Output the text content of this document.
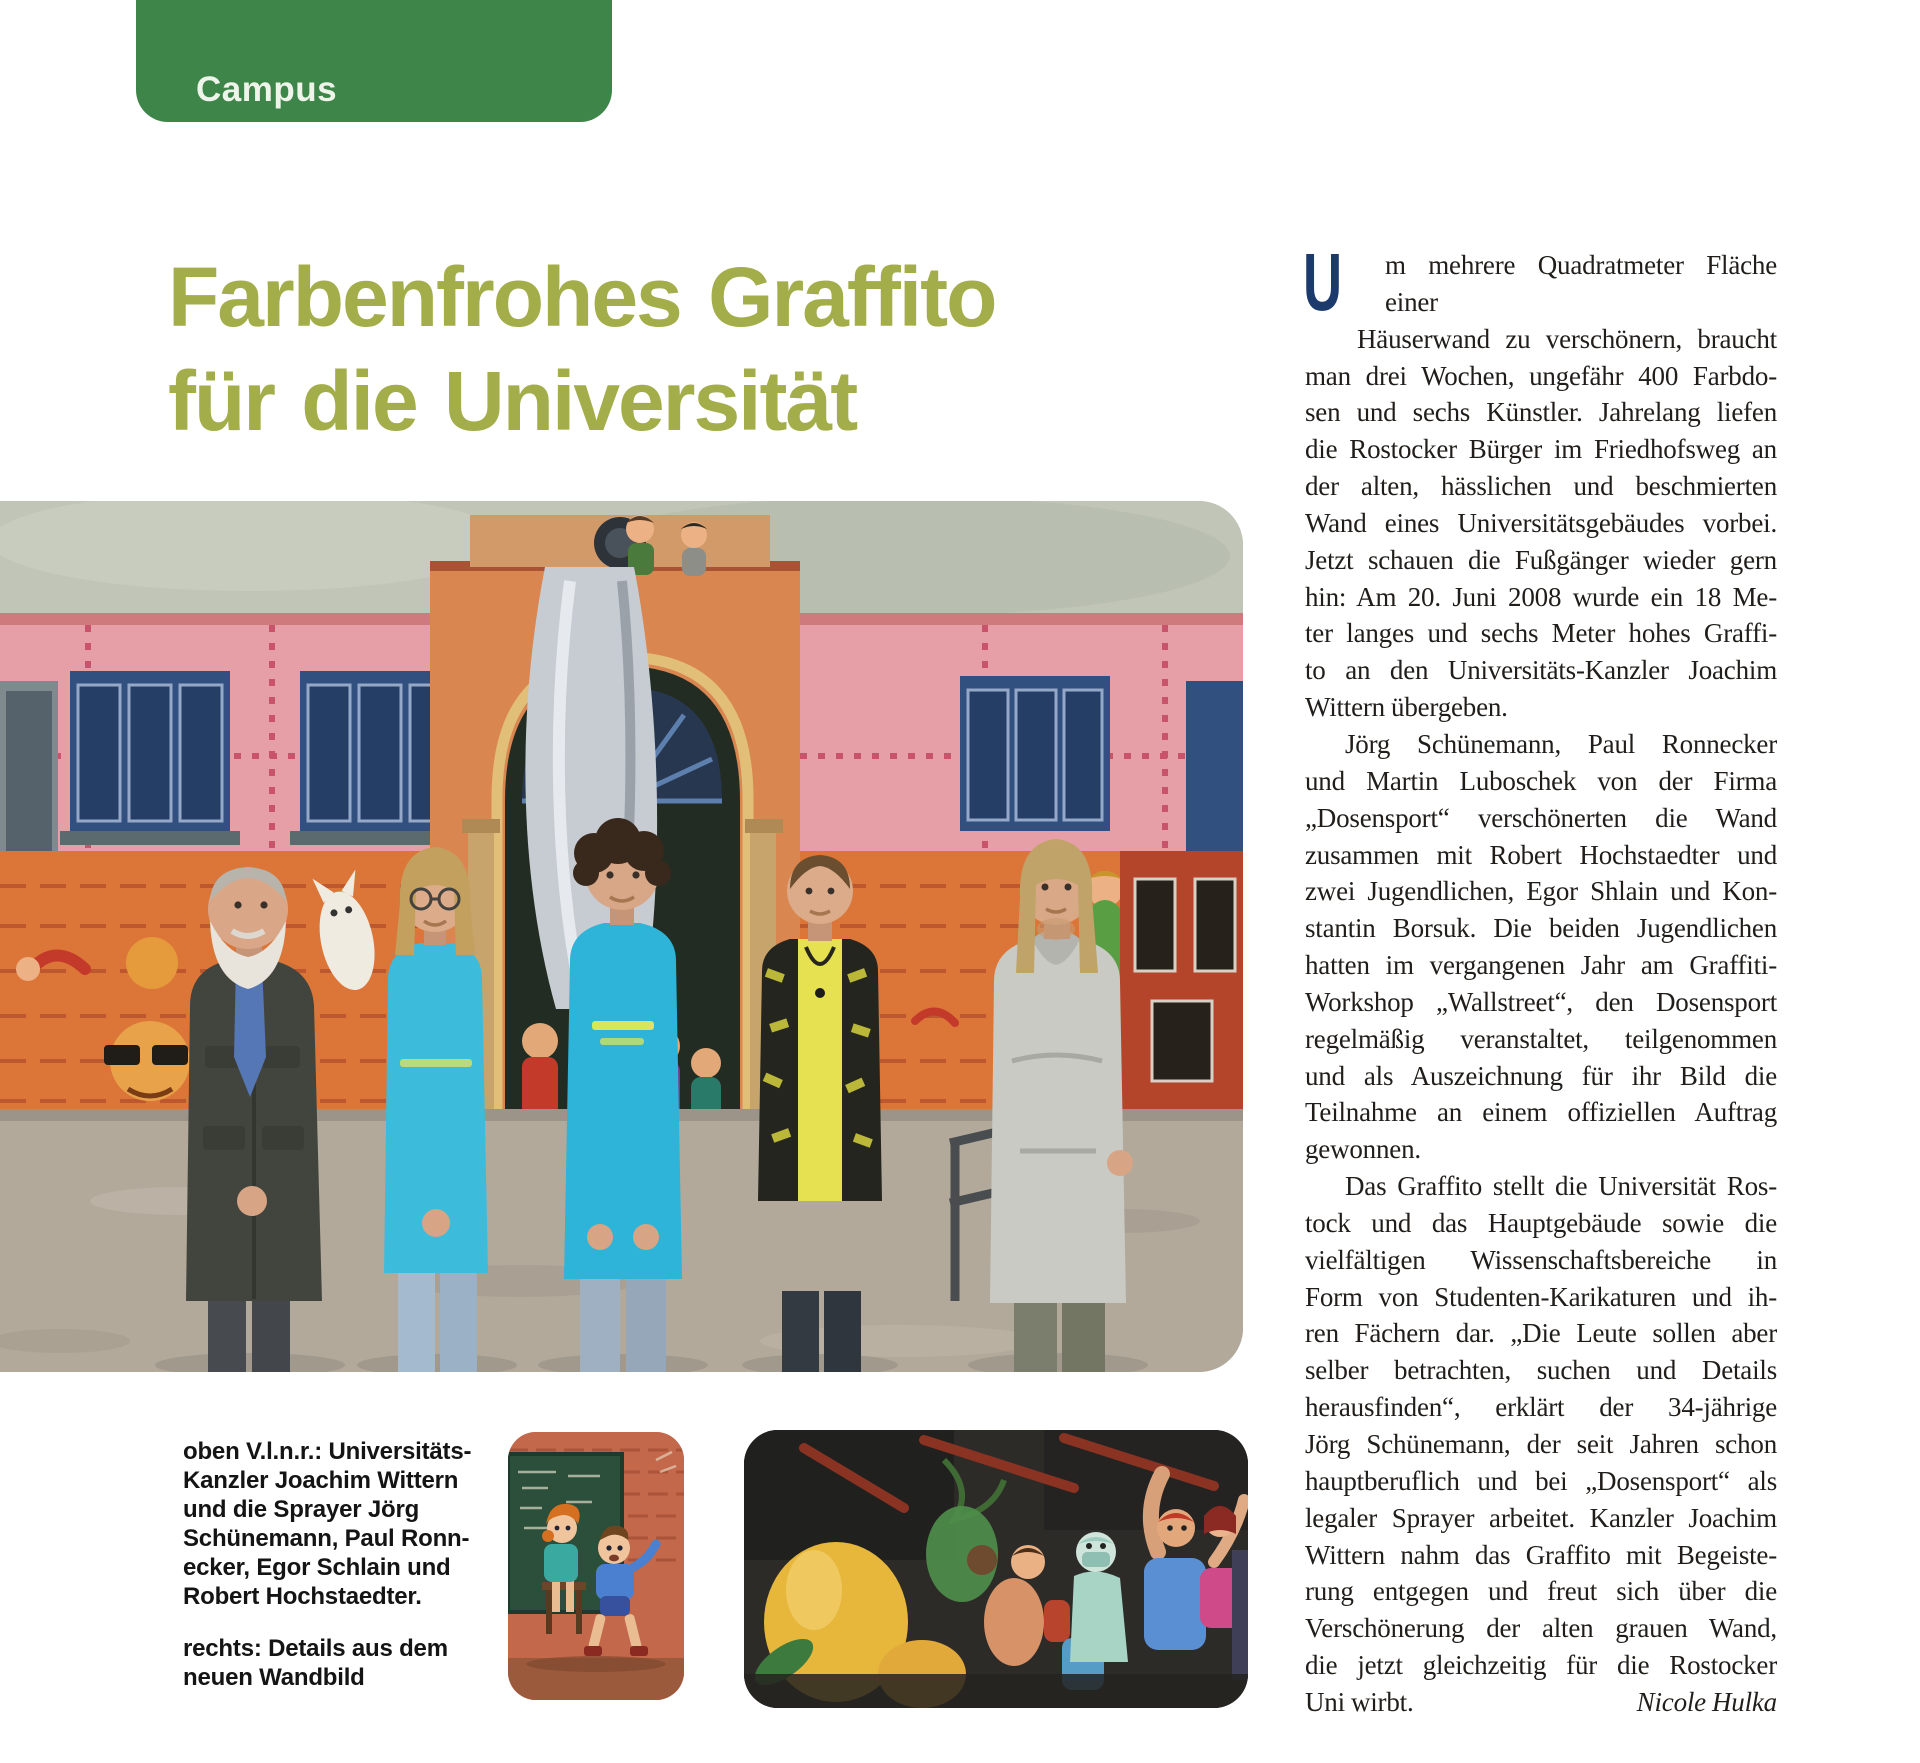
Campus
Farbenfrohes Graffito
für die Universität
oben V.l.n.r.: Universitäts-
Kanzler Joachim Wittern
und die Sprayer Jörg
Schünemann, Paul Ronn-
ecker, Egor Schlain und
Robert Hochstaedter.
rechts: Details aus dem
neuen Wandbild
U	m mehrere Quadratmeter Fläche einer
Häuserwand zu verschönern, braucht
man drei Wochen, ungefähr 400 Farbdo-
sen und sechs Künstler. Jahrelang liefen
die Rostocker Bürger im Friedhofsweg an
der alten, hässlichen und beschmierten
Wand eines Universitätsgebäudes vorbei.
Jetzt schauen die Fußgänger wieder gern
hin: Am 20. Juni 2008 wurde ein 18 Me-
ter langes und sechs Meter hohes Graffi-
to an den Universitäts-Kanzler Joachim
Wittern übergeben.
Jörg Schünemann, Paul Ronnecker
und Martin Luboschek von der Firma
„Dosensport“ verschönerten die Wand
zusammen mit Robert Hochstaedter und
zwei Jugendlichen, Egor Shlain und Kon-
stantin Borsuk. Die beiden Jugendlichen
hatten im vergangenen Jahr am Graffiti-
Workshop „Wallstreet“, den Dosensport
regelmäßig veranstaltet, teilgenommen
und als Auszeichnung für ihr Bild die
Teilnahme an einem offiziellen Auftrag
gewonnen.
Das Graffito stellt die Universität Ros-
tock und das Hauptgebäude sowie die
vielfältigen Wissenschaftsbereiche in
Form von Studenten-Karikaturen und ih-
ren Fächern dar. „Die Leute sollen aber
selber betrachten, suchen und Details
herausfinden“, erklärt der 34-jährige
Jörg Schünemann, der seit Jahren schon
hauptberuflich und bei „Dosensport“ als
legaler Sprayer arbeitet. Kanzler Joachim
Wittern nahm das Graffito mit Begeiste-
rung entgegen und freut sich über die
Verschönerung der alten grauen Wand,
die jetzt gleichzeitig für die Rostocker
Uni wirbt.	Nicole Hulka
